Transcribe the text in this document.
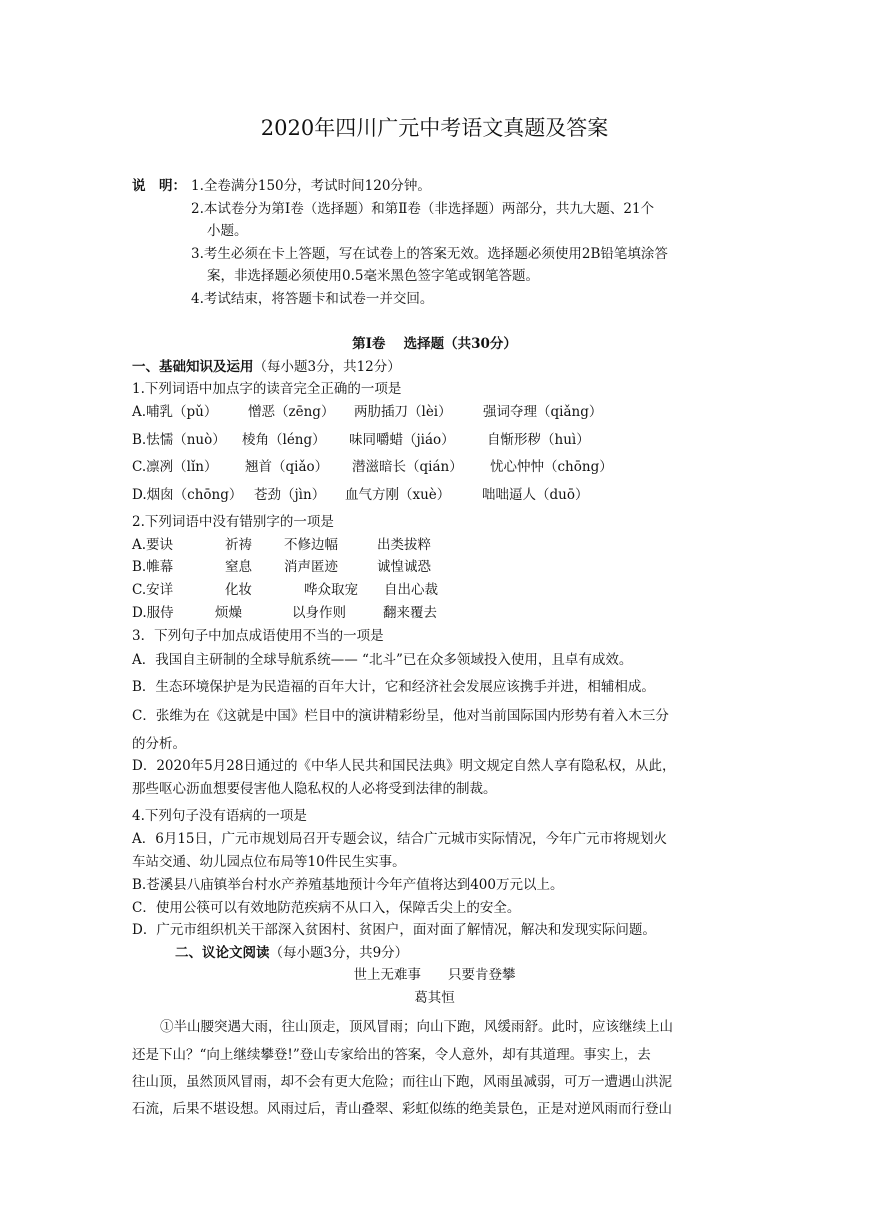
2020年四川广元中考语文真题及答案
说　明： 1.全卷满分150分，考试时间120分钟。
2.本试卷分为第Ⅰ卷（选择题）和第Ⅱ卷（非选择题）两部分，共九大题、21个
小题。
3.考生必须在卡上答题，写在试卷上的答案无效。选择题必须使用2B铅笔填涂答
案，非选择题必须使用0.5毫米黑色签字笔或钢笔答题。
4.考试结束，将答题卡和试卷一并交回。
第Ⅰ卷　 选择题（共30分）
一、基础知识及运用（每小题3分，共12分）
1.下列词语中加点字的读音完全正确的一项是
A.哺乳（pǔ） 憎恶（zēng） 两肋插刀（lèi） 强词夺理（qiǎng）
B.怯懦（nuò） 棱角（léng） 味同嚼蜡（jiáo） 自惭形秽（huì）
C.凛冽（lǐn） 翘首（qiǎo） 潜滋暗长（qián） 忧心忡忡（chōng）
D.烟囱（chōng） 苍劲（jìn） 血气方刚（xuè） 咄咄逼人（duō）
2.下列词语中没有错别字的一项是
A.要诀	祈祷 不修边幅	出类拔粹
B.帷幕	窒息 消声匿迹	诚惶诚恐
C.安详	化妆	哗众取宠 自出心裁
D.服侍	烦燥	以身作则	翻来覆去
3．下列句子中加点成语使用不当的一项是
A．我国自主研制的全球导航系统—— “北斗”已在众多领域投入使用，且卓有成效。
B．生态环境保护是为民造福的百年大计，它和经济社会发展应该携手并进，相辅相成。
C．张维为在《这就是中国》栏目中的演讲精彩纷呈，他对当前国际国内形势有着入木三分
的分析。
D．2020年5月28日通过的《中华人民共和国民法典》明文规定自然人享有隐私权，从此，
那些呕心沥血想要侵害他人隐私权的人必将受到法律的制裁。
4.下列句子没有语病的一项是
A．6月15日，广元市规划局召开专题会议，结合广元城市实际情况，今年广元市将规划火
车站交通、幼儿园点位布局等10件民生实事。
B.苍溪县八庙镇举台村水产养殖基地预计今年产值将达到400万元以上。
C．使用公筷可以有效地防范疾病不从口入，保障舌尖上的安全。
D．广元市组织机关干部深入贫困村、贫困户，面对面了解情况，解决和发现实际问题。
二、议论文阅读（每小题3分，共9分）
世上无难事　　只要肯登攀
葛其恒
①半山腰突遇大雨，往山顶走，顶风冒雨；向山下跑，风缓雨舒。此时，应该继续上山
还是下山？“向上继续攀登!”登山专家给出的答案，令人意外，却有其道理。事实上，去
往山顶，虽然顶风冒雨，却不会有更大危险；而往山下跑，风雨虽减弱，可万一遭遇山洪泥
石流，后果不堪设想。风雨过后，青山叠翠、彩虹似练的绝美景色，正是对逆风雨而行登山
